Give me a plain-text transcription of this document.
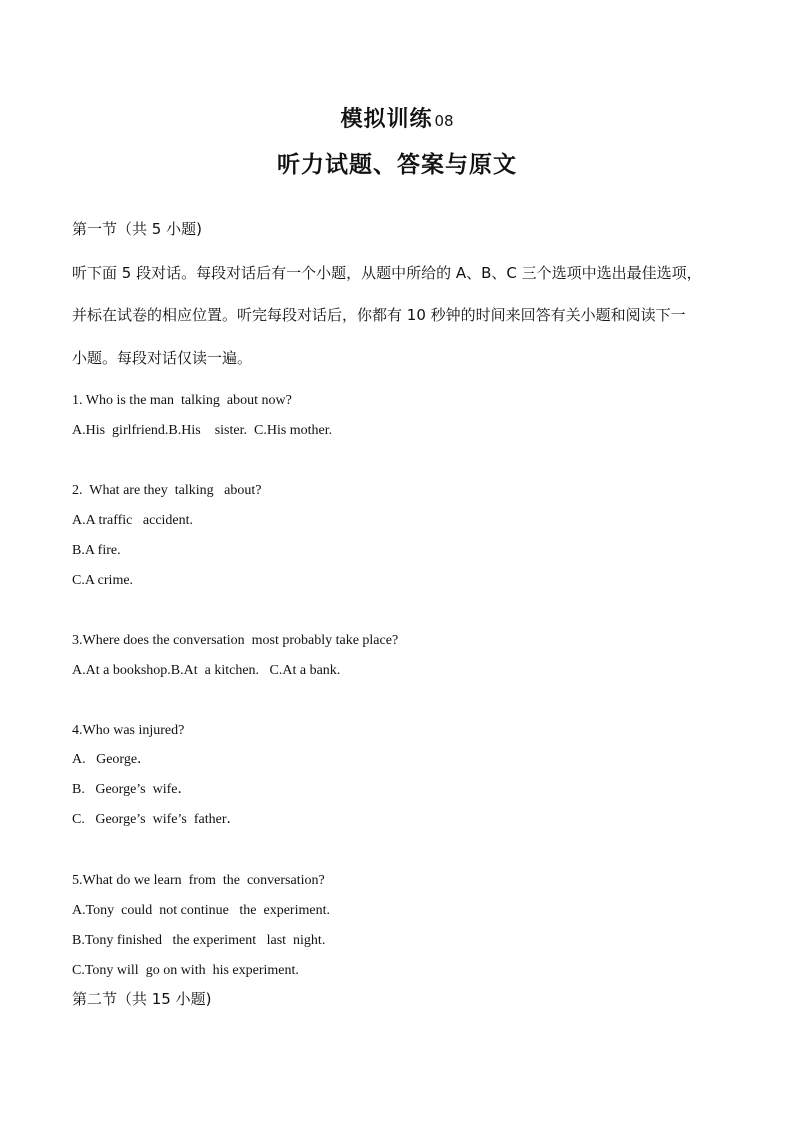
模拟训练 08
听力试题、答案与原文
第一节（共 5 小题)
听下面 5 段对话。每段对话后有一个小题，从题中所给的 A、B、C 三个选项中选出最佳选项，
并标在试卷的相应位置。听完每段对话后，你都有 10 秒钟的时间来回答有关小题和阅读下一
小题。每段对话仅读一遍。
1. Who is the man  talking  about now?
A.His  girlfriend.B.His    sister.  C.His mother.
2.  What are they  talking   about?
A.A traffic   accident.
B.A fire.
C.A crime.
3.Where does the conversation  most probably take place?
A.At a bookshop.B.At  a kitchen.   C.At a bank.
4.Who was injured?
A.   George．
B.   George’s  wife．
C.   George’s  wife’s  father．
5.What do we learn  from  the  conversation?
A.Tony  could  not continue   the  experiment.
B.Tony finished   the experiment   last  night.
C.Tony will  go on with  his experiment.
第二节（共 15 小题)
